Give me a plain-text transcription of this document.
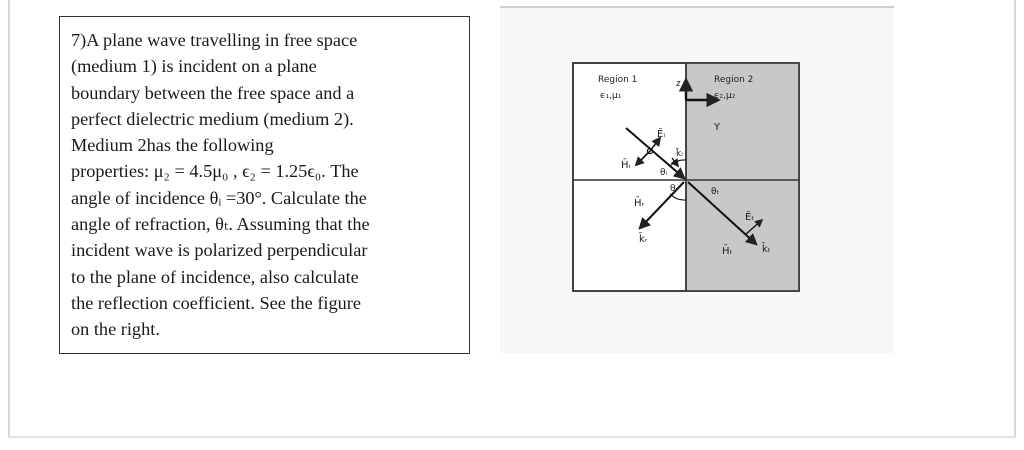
7)A plane wave travelling in free space
(medium 1) is incident on a plane
boundary between the free space and a
perfect dielectric medium (medium 2).
Medium 2has the following
properties: μ₂ = 4.5μ₀ , ϵ₂ = 1.25ϵ₀. The
angle of incidence θᵢ =30°. Calculate the
angle of refraction, θₜ. Assuming that the
incident wave is polarized perpendicular
to the plane of incidence, also calculate
the reflection coefficient. See the figure
on the right.

z
Y
Region 1
ϵ₁,μ₁
Region 2
ϵ₂,μ₂
Ēᵢ
H̄ᵢ
k̄ᵢ
θᵢ
θᵣ	θₜ
H̄ᵣ
k̄ᵣ
Ēₜ
H̄ₜ	k̄ₜ
